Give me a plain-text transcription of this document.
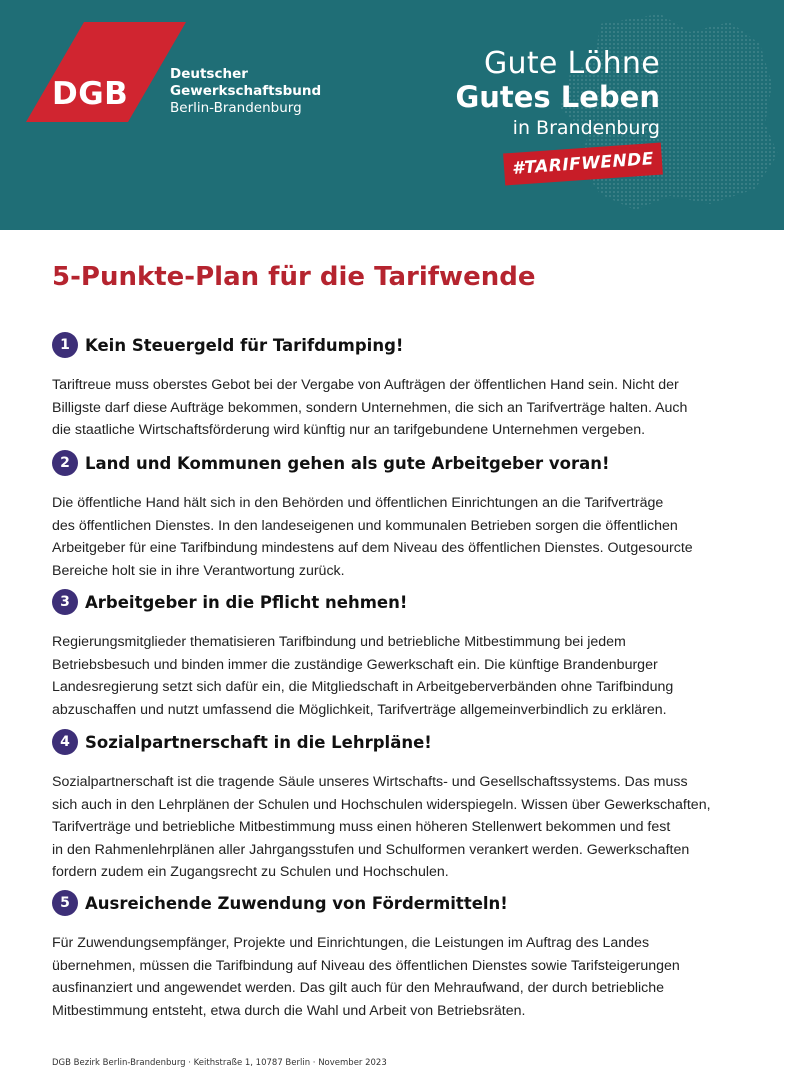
DGB
Deutscher
Gewerkschaftsbund
Berlin-Brandenburg
Gute Löhne
Gutes Leben
in Brandenburg
#TARIFWENDE
5-Punkte-Plan für die Tarifwende
1 Kein Steuergeld für Tarifdumping!
Tariftreue muss oberstes Gebot bei der Vergabe von Aufträgen der öffentlichen Hand sein. Nicht der
Billigste darf diese Aufträge bekommen, sondern Unternehmen, die sich an Tarifverträge halten. Auch
die staatliche Wirtschaftsförderung wird künftig nur an tarifgebundene Unternehmen vergeben.
2 Land und Kommunen gehen als gute Arbeitgeber voran!
Die öffentliche Hand hält sich in den Behörden und öffentlichen Einrichtungen an die Tarifverträge
des öffentlichen Dienstes. In den landeseigenen und kommunalen Betrieben sorgen die öffentlichen
Arbeitgeber für eine Tarifbindung mindestens auf dem Niveau des öffentlichen Dienstes. Outgesourcte
Bereiche holt sie in ihre Verantwortung zurück.
3 Arbeitgeber in die Pflicht nehmen!
Regierungsmitglieder thematisieren Tarifbindung und betriebliche Mitbestimmung bei jedem
Betriebsbesuch und binden immer die zuständige Gewerkschaft ein. Die künftige Brandenburger
Landesregierung setzt sich dafür ein, die Mitgliedschaft in Arbeitgeberverbänden ohne Tarifbindung
abzuschaffen und nutzt umfassend die Möglichkeit, Tarifverträge allgemeinverbindlich zu erklären.
4 Sozialpartnerschaft in die Lehrpläne!
Sozialpartnerschaft ist die tragende Säule unseres Wirtschafts- und Gesellschaftssystems. Das muss
sich auch in den Lehrplänen der Schulen und Hochschulen widerspiegeln. Wissen über Gewerkschaften,
Tarifverträge und betriebliche Mitbestimmung muss einen höheren Stellenwert bekommen und fest
in den Rahmenlehrplänen aller Jahrgangsstufen und Schulformen verankert werden. Gewerkschaften
fordern zudem ein Zugangsrecht zu Schulen und Hochschulen.
5 Ausreichende Zuwendung von Fördermitteln!
Für Zuwendungsempfänger, Projekte und Einrichtungen, die Leistungen im Auftrag des Landes
übernehmen, müssen die Tarifbindung auf Niveau des öffentlichen Dienstes sowie Tarifsteigerungen
ausfinanziert und angewendet werden. Das gilt auch für den Mehraufwand, der durch betriebliche
Mitbestimmung entsteht, etwa durch die Wahl und Arbeit von Betriebsräten.
DGB Bezirk Berlin-Brandenburg · Keithstraße 1, 10787 Berlin · November 2023
